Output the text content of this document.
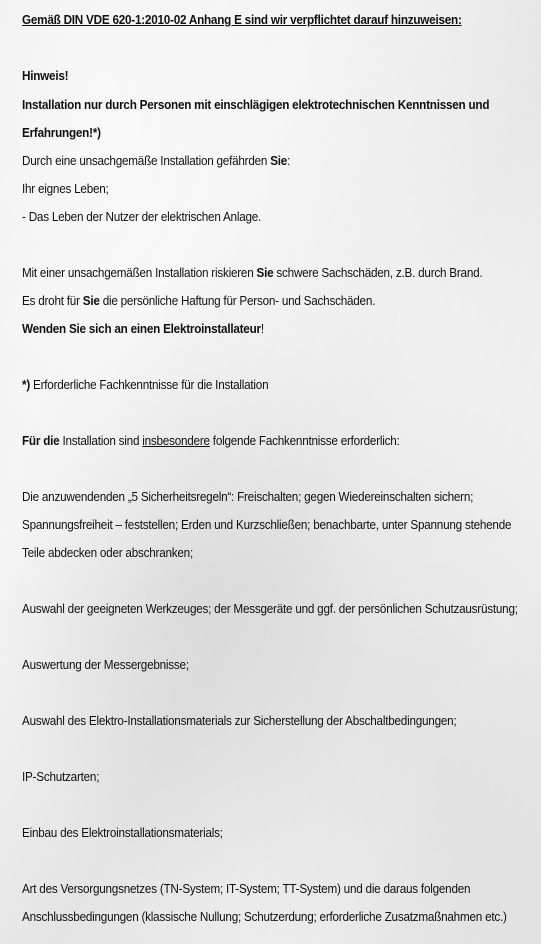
Gemäß DIN VDE 620-1:2010-02 Anhang E sind wir verpflichtet darauf hinzuweisen:
Hinweis!
Installation nur durch Personen mit einschlägigen elektrotechnischen Kenntnissen und
Erfahrungen!*)
Durch eine unsachgemäße Installation gefährden Sie:
Ihr eignes Leben;
- Das Leben der Nutzer der elektrischen Anlage.
Mit einer unsachgemäßen Installation riskieren Sie schwere Sachschäden, z.B. durch Brand.
Es droht für Sie die persönliche Haftung für Person- und Sachschäden.
Wenden Sie sich an einen Elektroinstallateur!
*) Erforderliche Fachkenntnisse für die Installation
Für die Installation sind insbesondere folgende Fachkenntnisse erforderlich:
Die anzuwendenden „5 Sicherheitsregeln“: Freischalten; gegen Wiedereinschalten sichern;
Spannungsfreiheit – feststellen; Erden und Kurzschließen; benachbarte, unter Spannung stehende
Teile abdecken oder abschranken;
Auswahl der geeigneten Werkzeuges; der Messgeräte und ggf. der persönlichen Schutzausrüstung;
Auswertung der Messergebnisse;
Auswahl des Elektro-Installationsmaterials zur Sicherstellung der Abschaltbedingungen;
IP-Schutzarten;
Einbau des Elektroinstallationsmaterials;
Art des Versorgungsnetzes (TN-System; IT-System; TT-System) und die daraus folgenden
Anschlussbedingungen (klassische Nullung; Schutzerdung; erforderliche Zusatzmaßnahmen etc.)
